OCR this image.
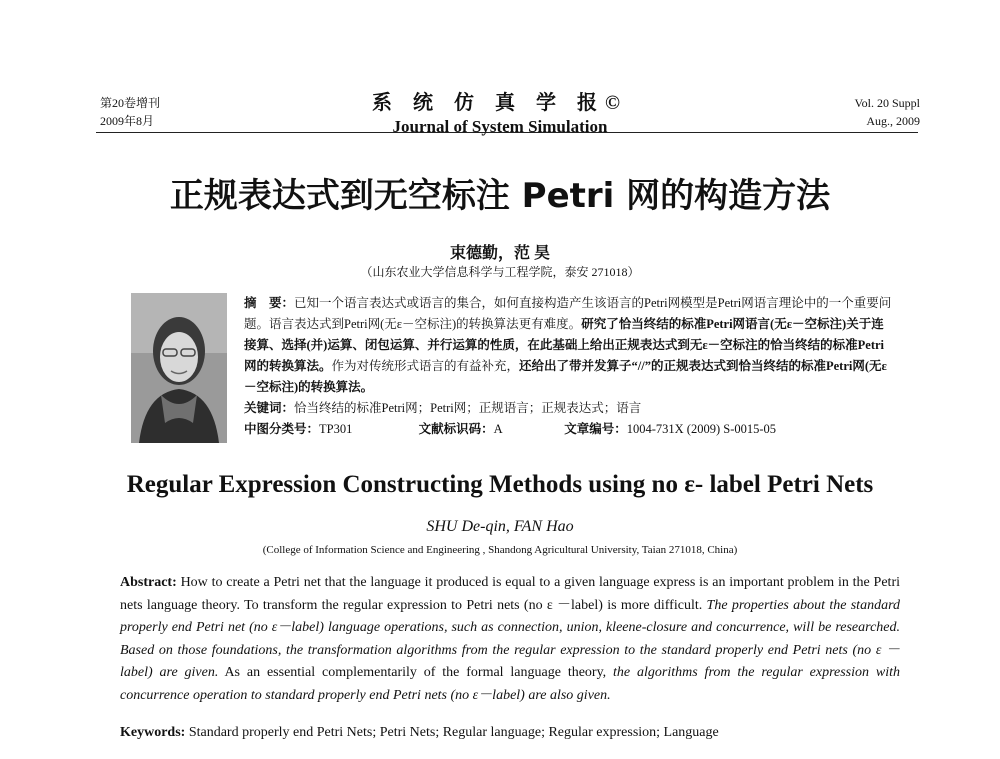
第20卷增刊
2009年8月
系 统 仿 真 学 报©
Journal of System Simulation
Vol. 20 Suppl
Aug., 2009
正规表达式到无空标注 Petri 网的构造方法
束德勤，范 昊
（山东农业大学信息科学与工程学院，泰安 271018）
摘　要：已知一个语言表达式或语言的集合，如何直接构造产生该语言的Petri网模型是Petri网语言理论中的一个重要问题。语言表达式到Petri网(无ε－空标注)的转换算法更有难度。研究了恰当终结的标准Petri网语言(无ε－空标注)关于连接算、选择(并)运算、闭包运算、并行运算的性质，在此基础上给出正规表达式到无ε－空标注的恰当终结的标准Petri网的转换算法。作为对传统形式语言的有益补充，还给出了带并发算子“//”的正规表达式到恰当终结的标准Petri网(无ε－空标注)的转换算法。
关键词：恰当终结的标准Petri网；Petri网；正规语言；正规表达式；语言
中图分类号：TP301	文献标识码：A	文章编号：1004-731X (2009) S-0015-05
Regular Expression Constructing Methods using no ε- label Petri Nets
SHU De-qin, FAN Hao
(College of Information Science and Engineering , Shandong Agricultural University, Taian 271018, China)
Abstract: How to create a Petri net that the language it produced is equal to a given language express is an important problem in the Petri nets language theory. To transform the regular expression to Petri nets (no ε －label) is more difficult. The properties about the standard properly end Petri net (no ε－label) language operations, such as connection, union, kleene-closure and concurrence, will be researched. Based on those foundations, the transformation algorithms from the regular expression to the standard properly end Petri nets (no ε －label) are given. As an essential complementarily of the formal language theory, the algorithms from the regular expression with concurrence operation to standard properly end Petri nets (no ε－label) are also given.
Keywords: Standard properly end Petri Nets; Petri Nets; Regular language; Regular expression; Language
